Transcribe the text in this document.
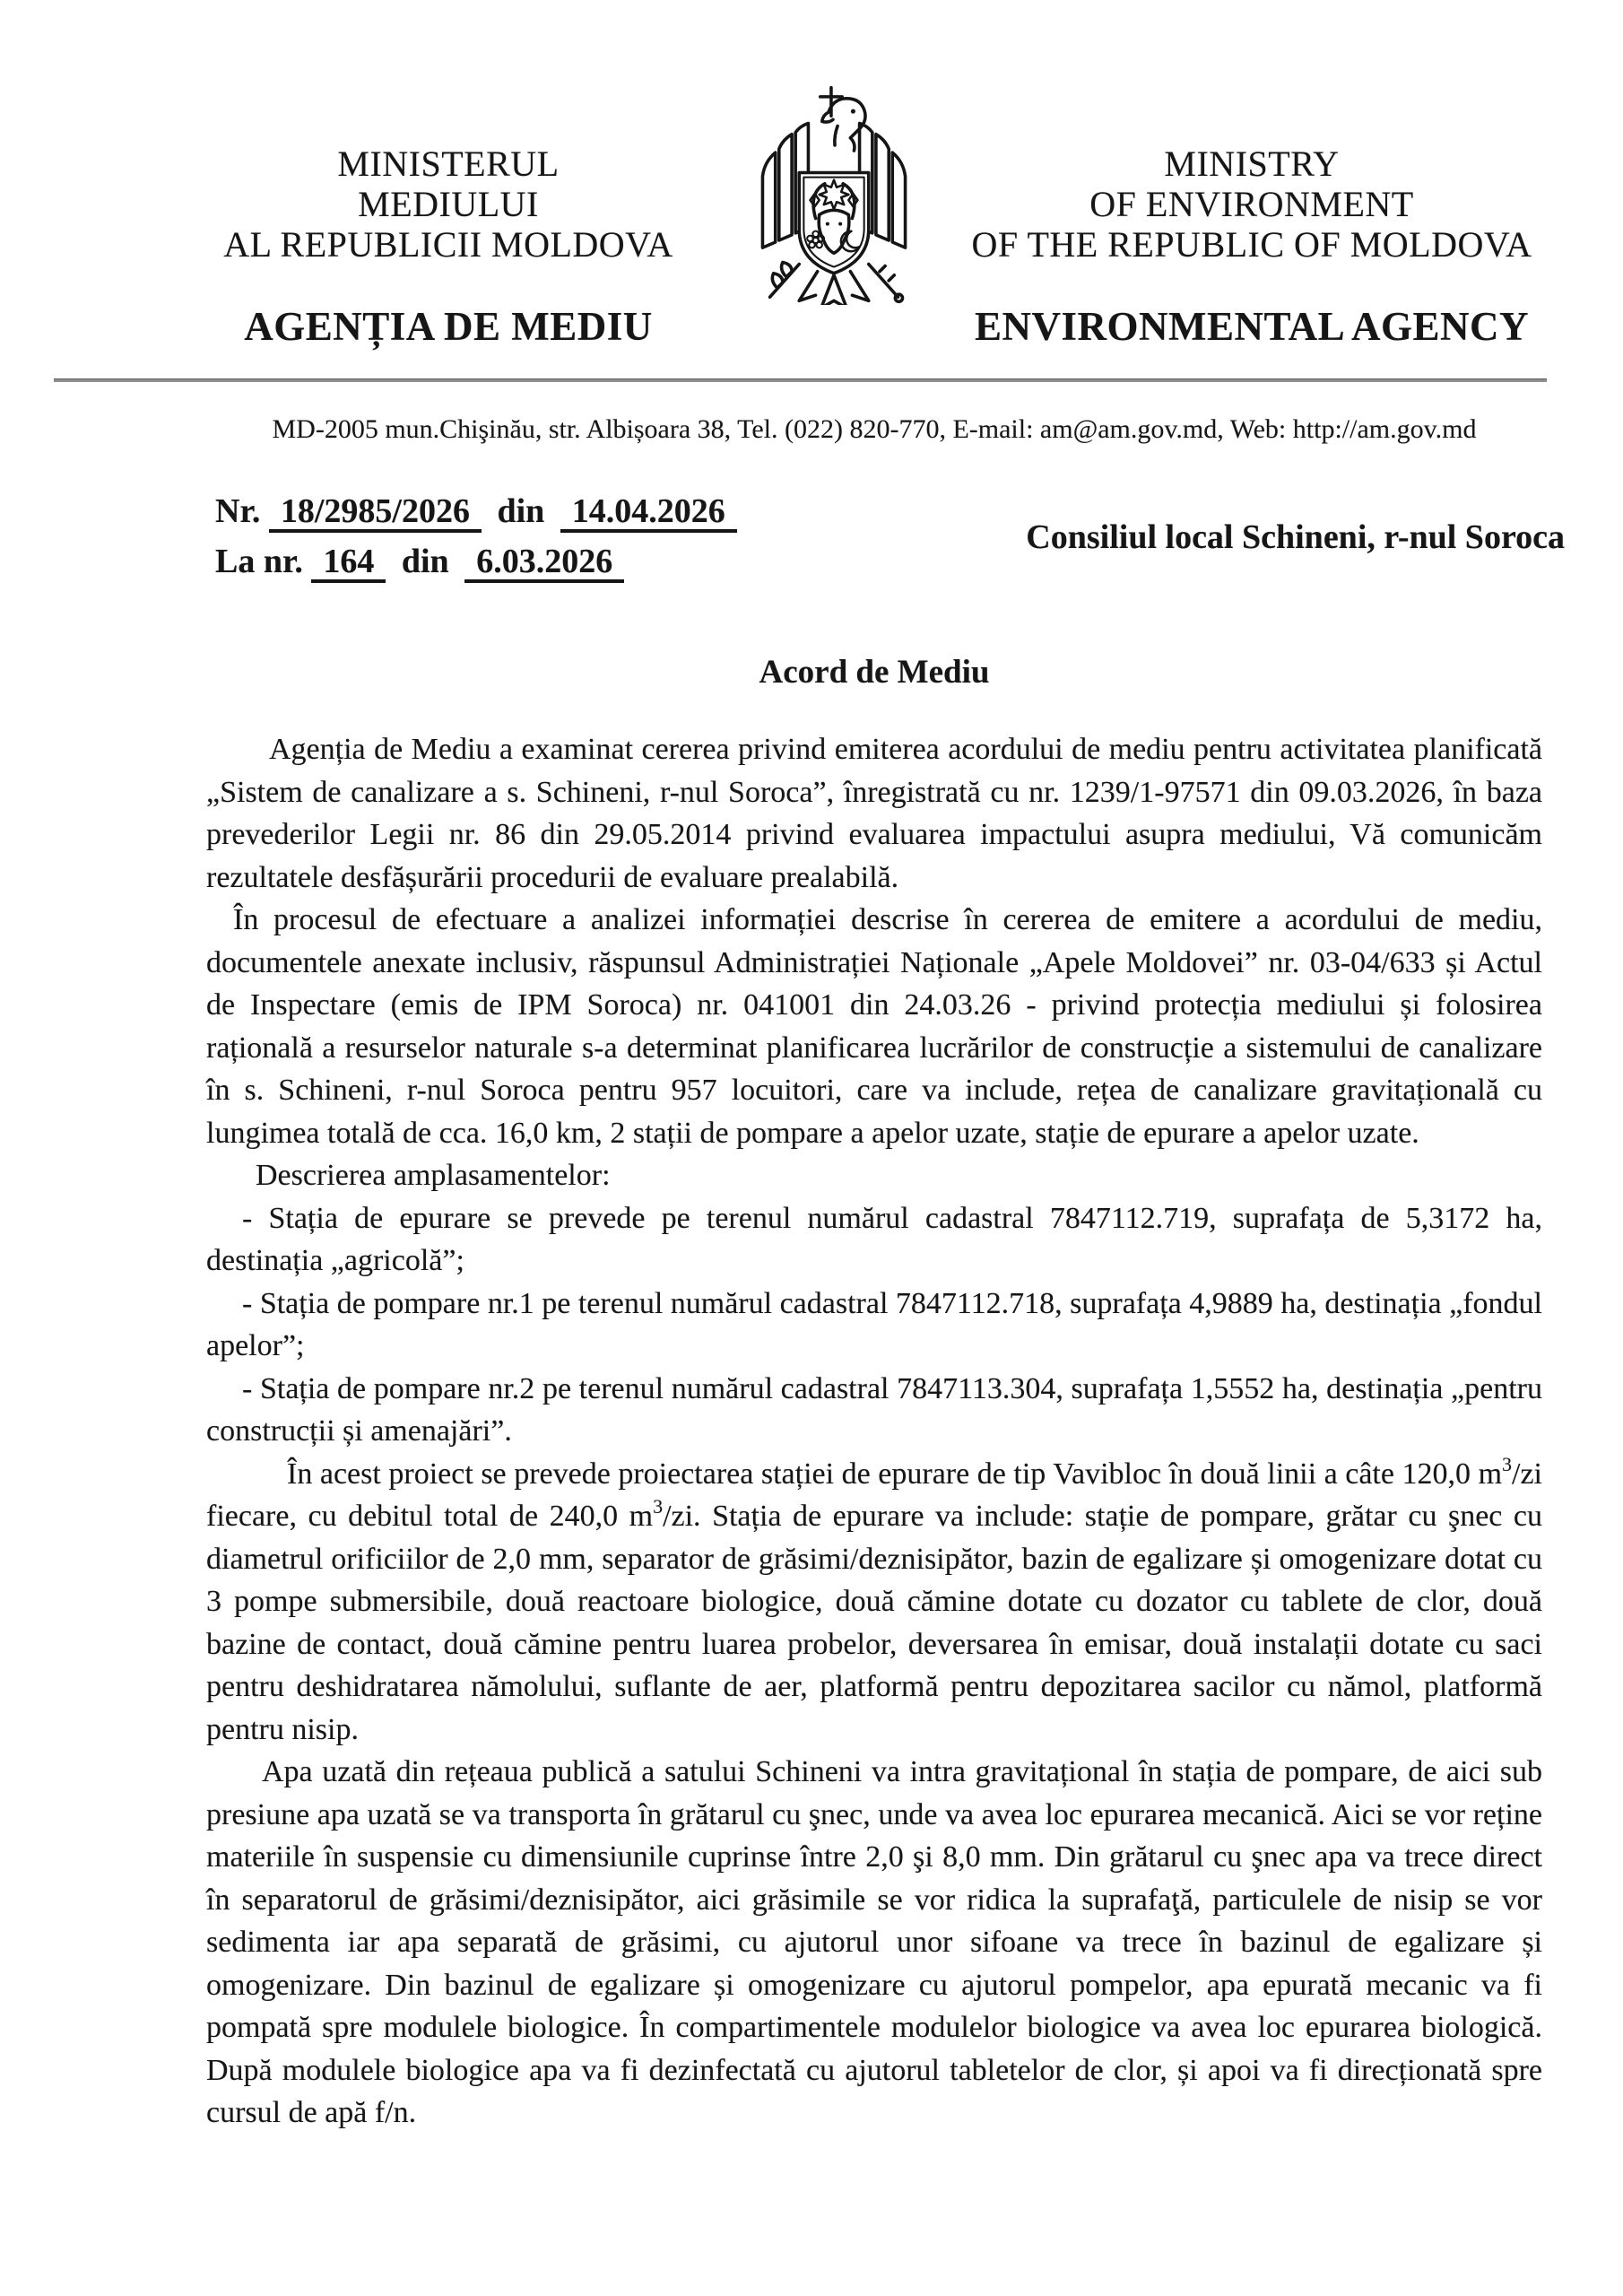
MINISTERUL
MEDIULUI
AL REPUBLICII MOLDOVA
AGENȚIA DE MEDIU
MINISTRY
OF ENVIRONMENT
OF THE REPUBLIC OF MOLDOVA
ENVIRONMENTAL AGENCY
MD-2005 mun.Chişinău, str. Albișoara 38, Tel. (022) 820-770, E-mail: am@am.gov.md, Web: http://am.gov.md
Nr. 18/2985/2026 din 14.04.2026
La nr. 164 din 6.03.2026
Consiliul local Schineni, r-nul Soroca
Acord de Mediu

Agenția de Mediu a examinat cererea privind emiterea acordului de mediu pentru activitatea planificată „Sistem de canalizare a s. Schineni, r-nul Soroca”, înregistrată cu nr. 1239/1-97571 din 09.03.2026, în baza prevederilor Legii nr. 86 din 29.05.2014 privind evaluarea impactului asupra mediului, Vă comunicăm rezultatele desfășurării procedurii de evaluare prealabilă.

În procesul de efectuare a analizei informației descrise în cererea de emitere a acordului de mediu, documentele anexate inclusiv, răspunsul Administrației Naționale „Apele Moldovei” nr. 03-04/633 și Actul de Inspectare (emis de IPM Soroca) nr. 041001 din 24.03.26 - privind protecția mediului și folosirea rațională a resurselor naturale s-a determinat planificarea lucrărilor de construcție a sistemului de canalizare în s. Schineni, r-nul Soroca pentru 957 locuitori, care va include, rețea de canalizare gravitațională cu lungimea totală de cca. 16,0 km, 2 stații de pompare a apelor uzate, stație de epurare a apelor uzate.

Descrierea amplasamentelor:

- Stația de epurare se prevede pe terenul numărul cadastral 7847112.719, suprafața de 5,3172 ha, destinația „agricolă”;

- Stația de pompare nr.1 pe terenul numărul cadastral 7847112.718, suprafața 4,9889 ha, destinația „fondul apelor”;

- Stația de pompare nr.2 pe terenul numărul cadastral 7847113.304, suprafața 1,5552 ha, destinația „pentru construcții și amenajări”.

În acest proiect se prevede proiectarea stației de epurare de tip Vavibloc în două linii a câte 120,0 $m^3/zi$ fiecare, cu debitul total de 240,0 $m^3/zi$. Stația de epurare va include: stație de pompare, grătar cu şnec cu diametrul orificiilor de 2,0 mm, separator de grăsimi/deznisipător, bazin de egalizare și omogenizare dotat cu 3 pompe submersibile, două reactoare biologice, două cămine dotate cu dozator cu tablete de clor, două bazine de contact, două cămine pentru luarea probelor, deversarea în emisar, două instalații dotate cu saci pentru deshidratarea nămolului, suflante de aer, platformă pentru depozitarea sacilor cu nămol, platformă pentru nisip.

Apa uzată din rețeaua publică a satului Schineni va intra gravitațional în stația de pompare, de aici sub presiune apa uzată se va transporta în grătarul cu şnec, unde va avea loc epurarea mecanică. Aici se vor reține materiile în suspensie cu dimensiunile cuprinse între 2,0 şi 8,0 mm. Din grătarul cu şnec apa va trece direct în separatorul de grăsimi/deznisipător, aici grăsimile se vor ridica la suprafaţă, particulele de nisip se vor sedimenta iar apa separată de grăsimi, cu ajutorul unor sifoane va trece în bazinul de egalizare și omogenizare. Din bazinul de egalizare și omogenizare cu ajutorul pompelor, apa epurată mecanic va fi pompată spre modulele biologice. În compartimentele modulelor biologice va avea loc epurarea biologică. După modulele biologice apa va fi dezinfectată cu ajutorul tabletelor de clor, și apoi va fi direcționată spre cursul de apă f/n.
